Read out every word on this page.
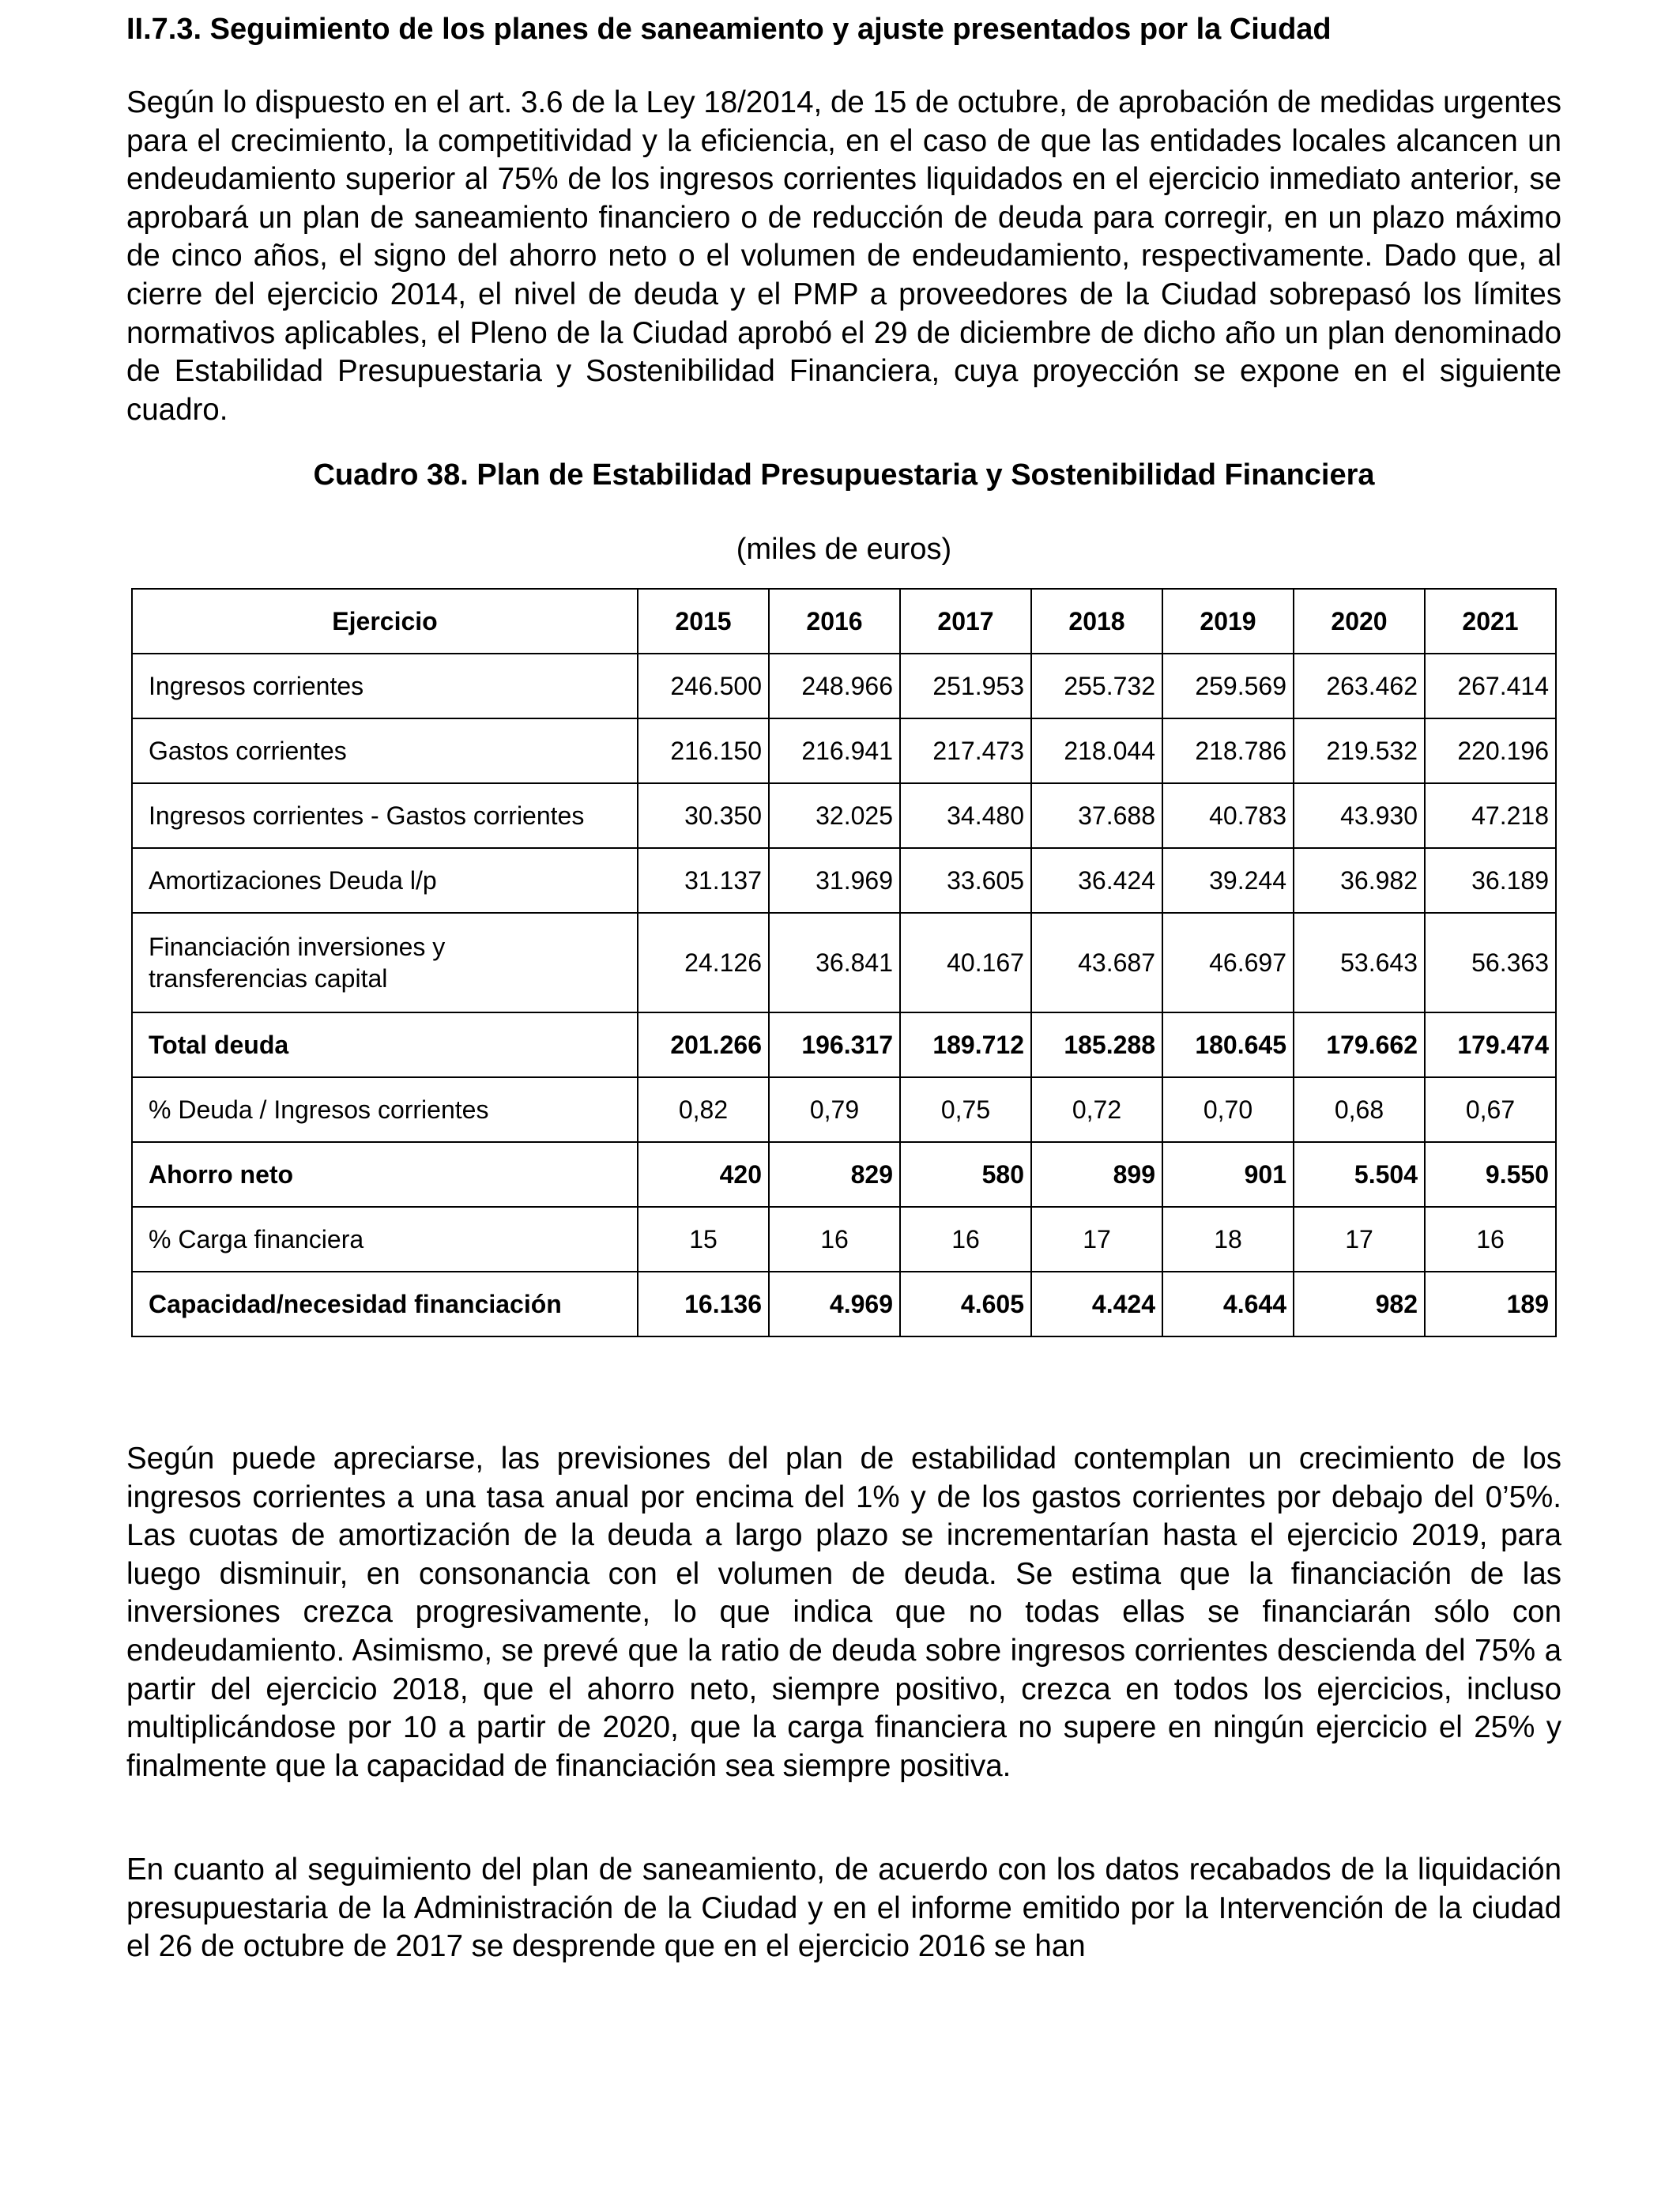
II.7.3. Seguimiento de los planes de saneamiento y ajuste presentados por la Ciudad

Según lo dispuesto en el art. 3.6 de la Ley 18/2014, de 15 de octubre, de aprobación de medidas urgentes para el crecimiento, la competitividad y la eficiencia, en el caso de que las entidades locales alcancen un endeudamiento superior al 75% de los ingresos corrientes liquidados en el ejercicio inmediato anterior, se aprobará un plan de saneamiento financiero o de reducción de deuda para corregir, en un plazo máximo de cinco años, el signo del ahorro neto o el volumen de endeudamiento, respectivamente. Dado que, al cierre del ejercicio 2014, el nivel de deuda y el PMP a proveedores de la Ciudad sobrepasó los límites normativos aplicables, el Pleno de la Ciudad aprobó el 29 de diciembre de dicho año un plan denominado de Estabilidad Presupuestaria y Sostenibilidad Financiera, cuya proyección se expone en el siguiente cuadro.

Cuadro 38. Plan de Estabilidad Presupuestaria y Sostenibilidad Financiera
(miles de euros)
Ejercicio	2015	2016	2017	2018	2019	2020	2021
Ingresos corrientes	246.500	248.966	251.953	255.732	259.569	263.462	267.414
Gastos corrientes	216.150	216.941	217.473	218.044	218.786	219.532	220.196
Ingresos corrientes - Gastos corrientes	30.350	32.025	34.480	37.688	40.783	43.930	47.218
Amortizaciones Deuda l/p	31.137	31.969	33.605	36.424	39.244	36.982	36.189
Financiación inversiones y
transferencias capital	24.126	36.841	40.167	43.687	46.697	53.643	56.363
Total deuda	201.266	196.317	189.712	185.288	180.645	179.662	179.474
% Deuda / Ingresos corrientes	0,82	0,79	0,75	0,72	0,70	0,68	0,67
Ahorro neto	420	829	580	899	901	5.504	9.550
% Carga financiera	15	16	16	17	18	17	16
Capacidad/necesidad financiación	16.136	4.969	4.605	4.424	4.644	982	189

Según puede apreciarse, las previsiones del plan de estabilidad contemplan un crecimiento de los ingresos corrientes a una tasa anual por encima del 1% y de los gastos corrientes por debajo del 0’5%. Las cuotas de amortización de la deuda a largo plazo se incrementarían hasta el ejercicio 2019, para luego disminuir, en consonancia con el volumen de deuda. Se estima que la financiación de las inversiones crezca progresivamente, lo que indica que no todas ellas se financiarán sólo con endeudamiento. Asimismo, se prevé que la ratio de deuda sobre ingresos corrientes descienda del 75% a partir del ejercicio 2018, que el ahorro neto, siempre positivo, crezca en todos los ejercicios, incluso multiplicándose por 10 a partir de 2020, que la carga financiera no supere en ningún ejercicio el 25% y finalmente que la capacidad de financiación sea siempre positiva.

En cuanto al seguimiento del plan de saneamiento, de acuerdo con los datos recabados de la liquidación presupuestaria de la Administración de la Ciudad y en el informe emitido por la Intervención de la ciudad el 26 de octubre de 2017 se desprende que en el ejercicio 2016 se han
